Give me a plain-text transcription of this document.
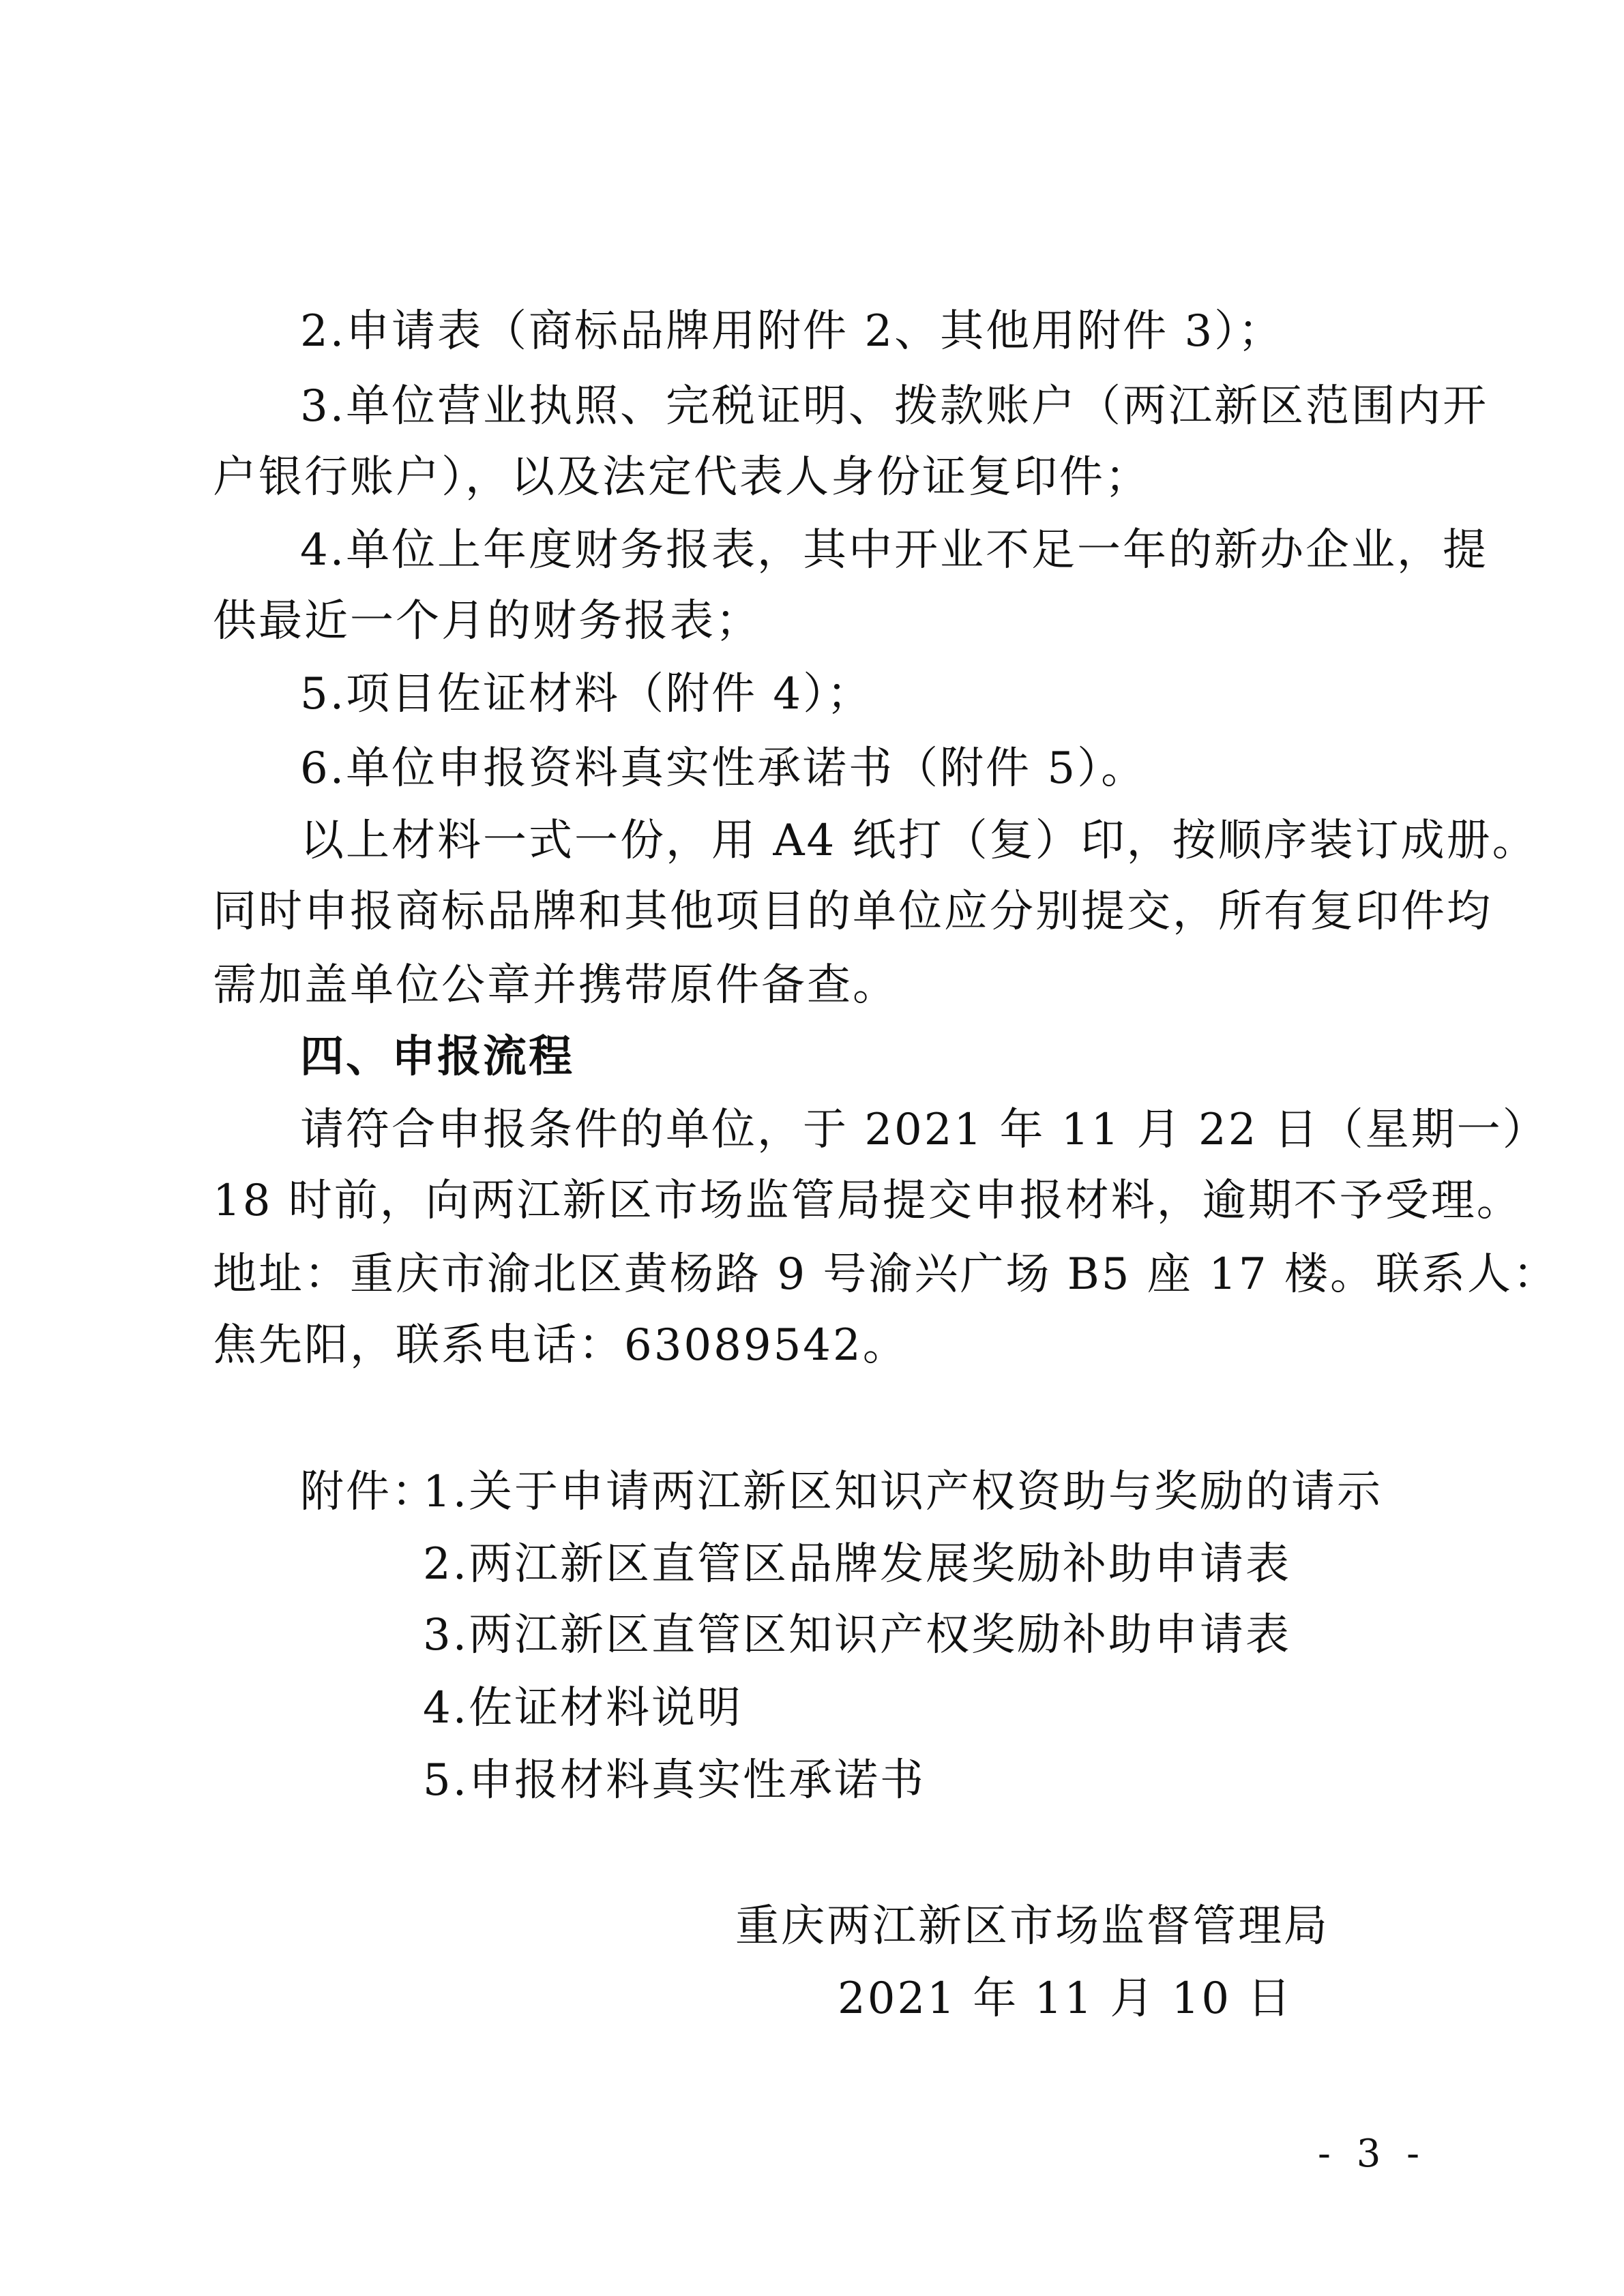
2.申请表（商标品牌用附件 2、其他用附件 3）；
3.单位营业执照、完税证明、拨款账户（两江新区范围内开
户银行账户），以及法定代表人身份证复印件；
4.单位上年度财务报表，其中开业不足一年的新办企业，提
供最近一个月的财务报表；
5.项目佐证材料（附件 4）；
6.单位申报资料真实性承诺书（附件 5）。
以上材料一式一份，用 A4 纸打（复）印，按顺序装订成册。
同时申报商标品牌和其他项目的单位应分别提交，所有复印件均
需加盖单位公章并携带原件备查。
四、申报流程
请符合申报条件的单位，于 2021 年 11 月 22 日（星期一）
18 时前，向两江新区市场监管局提交申报材料，逾期不予受理。
地址：重庆市渝北区黄杨路 9 号渝兴广场 B5 座 17 楼。联系人：
焦先阳，联系电话：63089542。
附件：
1.关于申请两江新区知识产权资助与奖励的请示
2.两江新区直管区品牌发展奖励补助申请表
3.两江新区直管区知识产权奖励补助申请表
4.佐证材料说明
5.申报材料真实性承诺书
重庆两江新区市场监督管理局
2021 年 11 月 10 日
- 3 -
